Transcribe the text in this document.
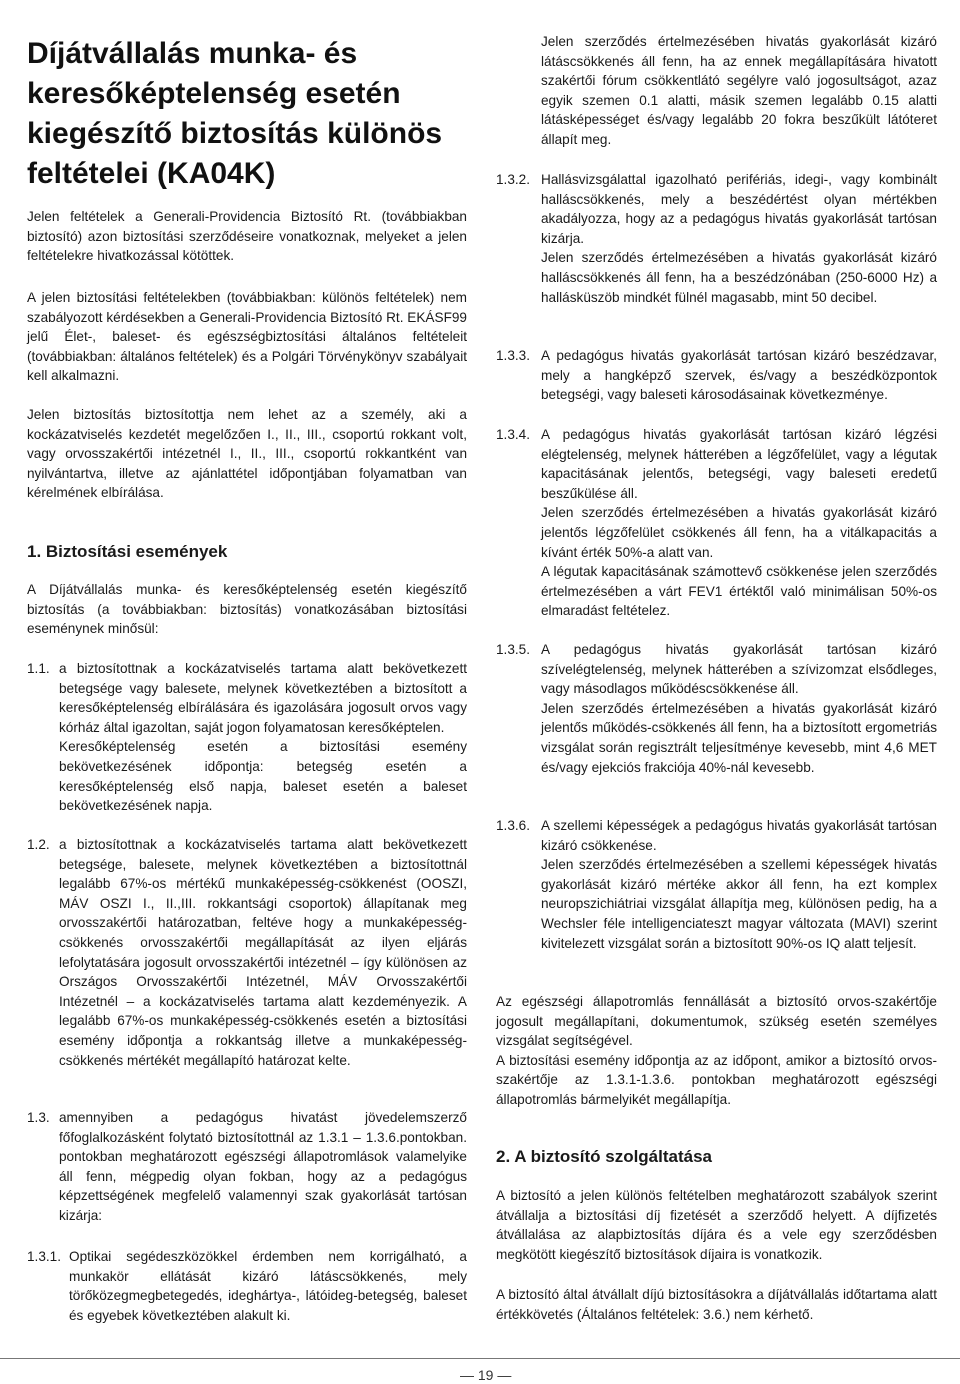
Díjátvállalás munka- és keresőképtelenség esetén kiegészítő biztosítás különös feltételei (KA04K)

Jelen feltételek a Generali-Providencia Biztosító Rt. (továbbiakban biztosító) azon biztosítási szerződéseire vonatkoznak, melyeket a jelen feltételekre hivatkozással kötöttek.

A jelen biztosítási feltételekben (továbbiakban: különös feltételek) nem szabályozott kérdésekben a Generali-Providencia Biztosító Rt. EKÁSF99 jelű Élet-, baleset- és egészségbiztosítási általános feltételeit (továbbiakban: általános feltételek) és a Polgári Törvénykönyv szabályait kell alkalmazni.

Jelen biztosítás biztosítottja nem lehet az a személy, aki a kockázatviselés kezdetét megelőzően I., II., III., csoportú rokkant volt, vagy orvosszakértői intézetnél I., II., III., csoportú rokkantként van nyilvántartva, illetve az ajánlattétel időpontjában folyamatban van kérelmének elbírálása.

1. Biztosítási események

A Díjátvállalás munka- és keresőképtelenség esetén kiegészítő biztosítás (a továbbiakban: biztosítás) vonatkozásában biztosítási eseménynek minősül:

1.1. a biztosítottnak a kockázatviselés tartama alatt bekövetkezett betegsége vagy balesete, melynek következtében a biztosított a keresőképtelenség elbírálására és igazolására jogosult orvos vagy kórház által igazoltan, saját jogon folyamatosan keresőképtelen.

Keresőképtelenség esetén a biztosítási esemény bekövetkezésének időpontja: betegség esetén a keresőképtelenség első napja, baleset esetén a baleset bekövetkezésének napja.

1.2. a biztosítottnak a kockázatviselés tartama alatt bekövetkezett betegsége, balesete, melynek következtében a biztosítottnál legalább 67%-os mértékű munkaképesség-csökkenést (OOSZI, MÁV OSZI I., II.,III. rokkantsági csoportok) állapítanak meg orvosszakértői határozatban, feltéve hogy a munkaképesség-csökkenés orvosszakértői megállapítását az ilyen eljárás lefolytatására jogosult orvosszakértői intézetnél – így különösen az Országos Orvosszakértői Intézetnél, MÁV Orvosszakértői Intézetnél – a kockázatviselés tartama alatt kezdeményezik. A legalább 67%-os munkaképesség-csökkenés esetén a biztosítási esemény időpontja a rokkantság illetve a munkaképesség-csökkenés mértékét megállapító határozat kelte.

1.3. amennyiben a pedagógus hivatást jövedelemszerző főfoglalkozásként folytató biztosítottnál az 1.3.1 – 1.3.6.pontokban. pontokban meghatározott egészségi állapotromlások valamelyike áll fenn, mégpedig olyan fokban, hogy az a pedagógus képzettségének megfelelő valamennyi szak gyakorlását tartósan kizárja:

1.3.1. Optikai segédeszközökkel érdemben nem korrigálható, a munkakör ellátását kizáró látáscsökkenés, mely törőközegmegbetegedés, ideghártya-, látóideg-betegség, baleset és egyebek következtében alakult ki.

Jelen szerződés értelmezésében hivatás gyakorlását kizáró látáscsökkenés áll fenn, ha az ennek megállapítására hivatott szakértői fórum csökkentlátó segélyre való jogosultságot, azaz egyik szemen 0.1 alatti, másik szemen legalább 0.15 alatti látásképességet és/vagy legalább 20 fokra beszűkült látóteret állapít meg.

1.3.2. Hallásvizsgálattal igazolható perifériás, idegi-, vagy kombinált halláscsökkenés, mely a beszédértést olyan mértékben akadályozza, hogy az a pedagógus hivatás gyakorlását tartósan kizárja.

Jelen szerződés értelmezésében a hivatás gyakorlását kizáró halláscsökkenés áll fenn, ha a beszédzónában (250-6000 Hz) a hallásküszöb mindkét fülnél magasabb, mint 50 decibel.

1.3.3. A pedagógus hivatás gyakorlását tartósan kizáró beszédzavar, mely a hangképző szervek, és/vagy a beszédközpontok betegségi, vagy baleseti károsodásainak következménye.

1.3.4. A pedagógus hivatás gyakorlását tartósan kizáró légzési elégtelenség, melynek hátterében a légzőfelület, vagy a légutak kapacitásának jelentős, betegségi, vagy baleseti eredetű beszűkülése áll.

Jelen szerződés értelmezésében a hivatás gyakorlását kizáró jelentős légzőfelület csökkenés áll fenn, ha a vitálkapacitás a kívánt érték 50%-a alatt van.

A légutak kapacitásának számottevő csökkenése jelen szerződés értelmezésében a várt FEV1 értéktől való minimálisan 50%-os elmaradást feltételez.

1.3.5. A pedagógus hivatás gyakorlását tartósan kizáró szívelégtelenség, melynek hátterében a szívizomzat elsődleges, vagy másodlagos működéscsökkenése áll.

Jelen szerződés értelmezésében a hivatás gyakorlását kizáró jelentős működés-csökkenés áll fenn, ha a biztosított ergometriás vizsgálat során regisztrált teljesítménye kevesebb, mint 4,6 MET és/vagy ejekciós frakciója 40%-nál kevesebb.

1.3.6. A szellemi képességek a pedagógus hivatás gyakorlását tartósan kizáró csökkenése.

Jelen szerződés értelmezésében a szellemi képességek hivatás gyakorlását kizáró mértéke akkor áll fenn, ha ezt komplex neuropszichiátriai vizsgálat állapítja meg, különösen pedig, ha a Wechsler féle intelligenciateszt magyar változata (MAVI) szerint kivitelezett vizsgálat során a biztosított 90%-os IQ alatt teljesít.

Az egészségi állapotromlás fennállását a biztosító orvos-szakértője jogosult megállapítani, dokumentumok, szükség esetén személyes vizsgálat segítségével.
A biztosítási esemény időpontja az az időpont, amikor a biztosító orvos-szakértője az 1.3.1-1.3.6. pontokban meghatározott egészségi állapotromlás bármelyikét megállapítja.

2. A biztosító szolgáltatása

A biztosító a jelen különös feltételben meghatározott szabályok szerint átvállalja a biztosítási díj fizetését a szerződő helyett. A díjfizetés átvállalása az alapbiztosítás díjára és a vele egy szerződésben megkötött kiegészítő biztosítások díjaira is vonatkozik.

A biztosító által átvállalt díjú biztosításokra a díjátvállalás időtartama alatt értékkövetés (Általános feltételek: 3.6.) nem kérhető.

— 19 —
